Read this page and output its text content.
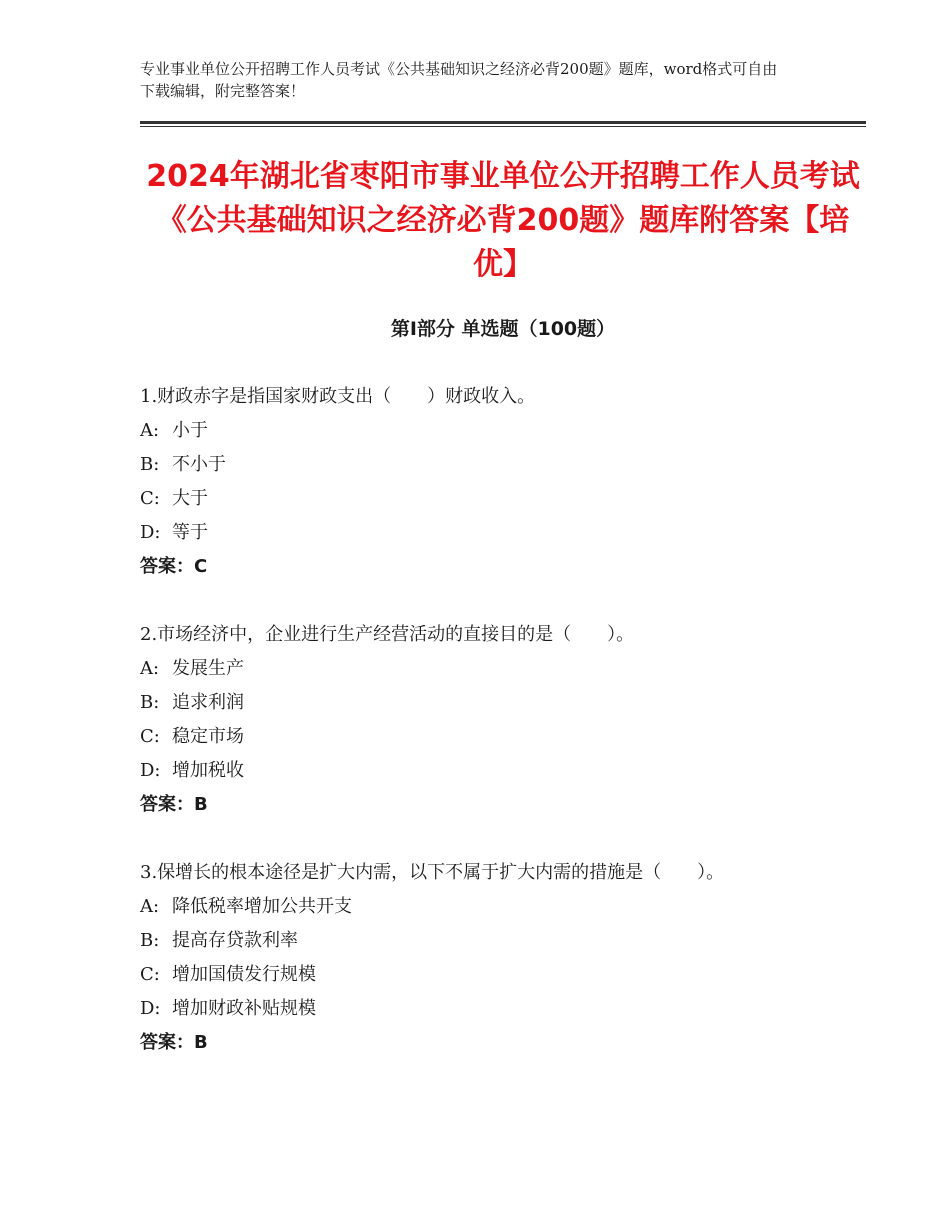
专业事业单位公开招聘工作人员考试《公共基础知识之经济必背200题》题库，word格式可自由下载编辑，附完整答案！
2024年湖北省枣阳市事业单位公开招聘工作人员考试《公共基础知识之经济必背200题》题库附答案【培优】
第Ⅰ部分 单选题（100题）
1.财政赤字是指国家财政支出（　　）财政收入。
A: 小于
B: 不小于
C: 大于
D: 等于
答案：C
2.市场经济中，企业进行生产经营活动的直接目的是（　　）。
A: 发展生产
B: 追求利润
C: 稳定市场
D: 增加税收
答案：B
3.保增长的根本途径是扩大内需，以下不属于扩大内需的措施是（　　）。
A: 降低税率增加公共开支
B: 提高存贷款利率
C: 增加国债发行规模
D: 增加财政补贴规模
答案：B
